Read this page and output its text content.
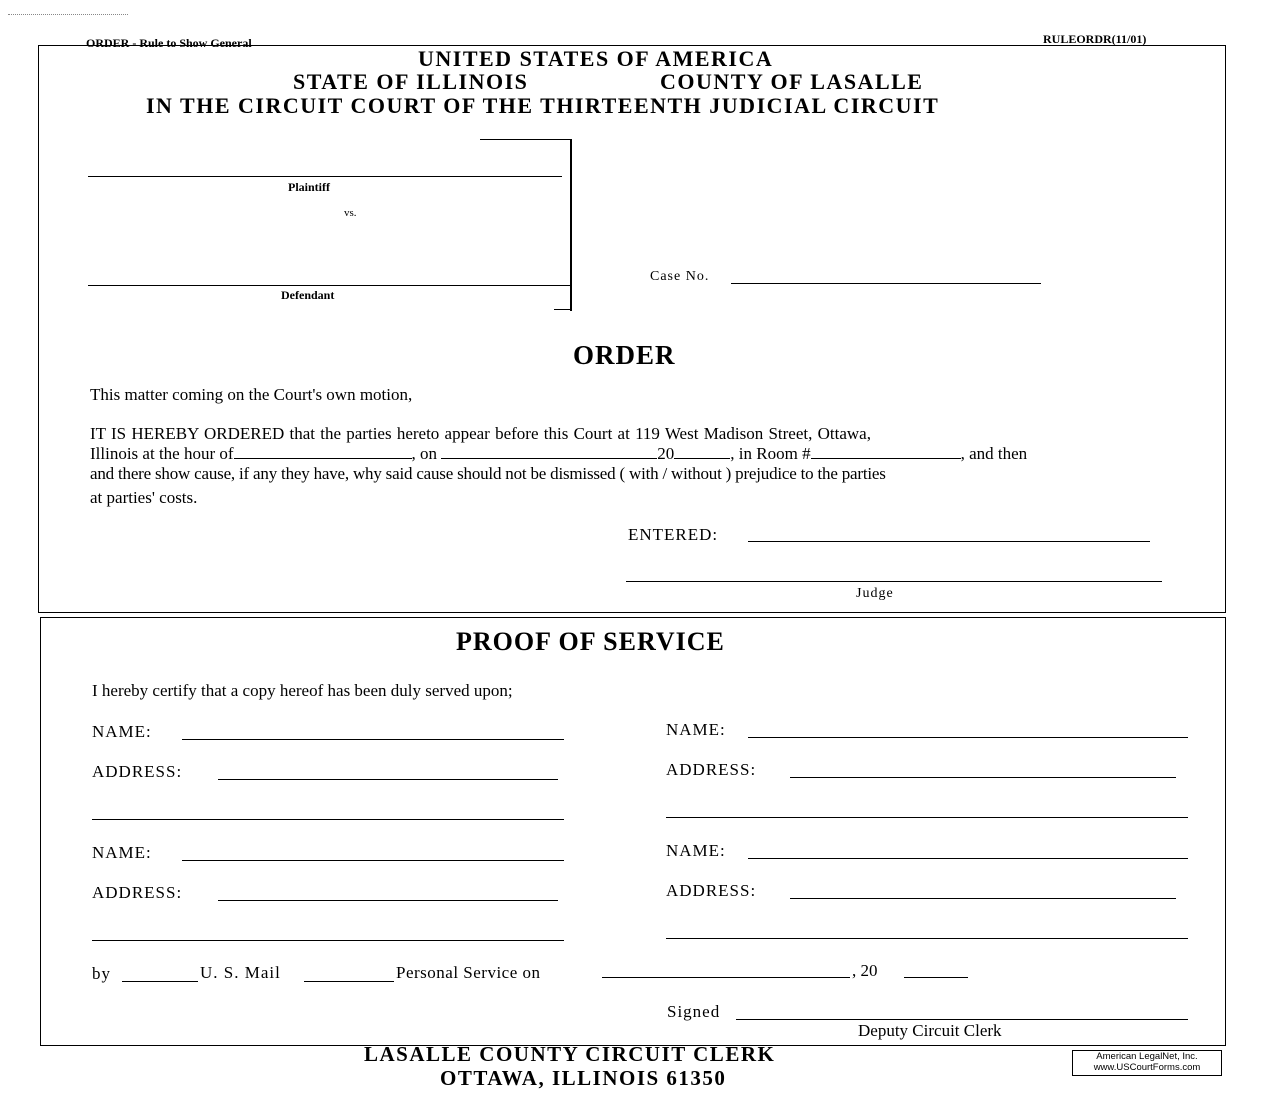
ORDER - Rule to Show General	RULEORDR(11/01)
UNITED STATES OF AMERICA
STATE OF ILLINOIS	COUNTY OF LASALLE
IN THE CIRCUIT COURT OF THE THIRTEENTH JUDICIAL CIRCUIT
Plaintiff
vs.
Defendant
Case No.
ORDER
This matter coming on the Court's own motion,
IT IS HEREBY ORDERED that the parties hereto appear before this Court at 119 West Madison Street, Ottawa,
Illinois at the hour of	, on	20	, in Room #	, and then
and there show cause, if any they have, why said cause should not be dismissed ( with / without ) prejudice to the parties
at parties' costs.
ENTERED:
Judge
PROOF OF SERVICE
I hereby certify that a copy hereof has been duly served upon;
NAME:
ADDRESS:
NAME:
ADDRESS:
NAME:
ADDRESS:
NAME:
ADDRESS:
by	U. S. Mail	Personal Service on	, 20
Signed
Deputy Circuit Clerk
LASALLE COUNTY CIRCUIT CLERK
OTTAWA, ILLINOIS 61350
American LegalNet, Inc.
www.USCourtForms.com
